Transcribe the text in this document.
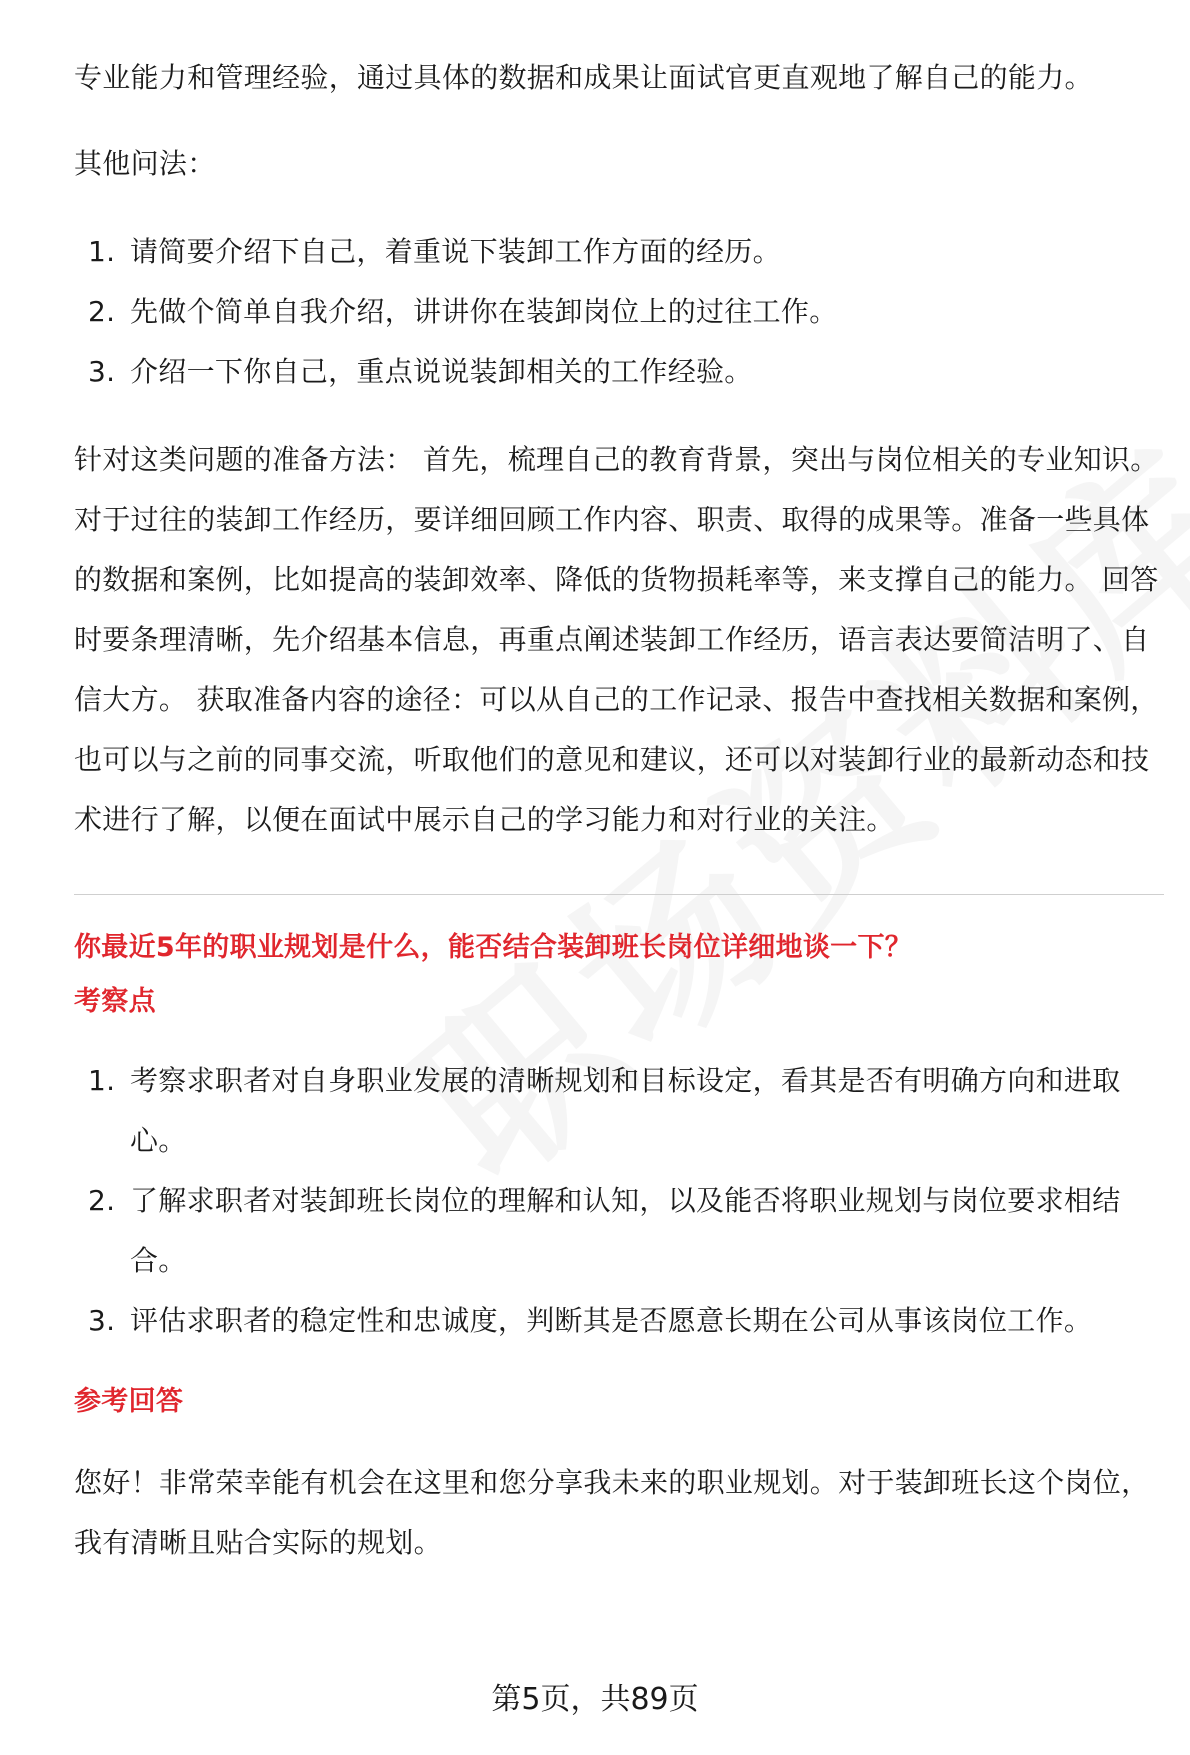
专业能力和管理经验，通过具体的数据和成果让面试官更直观地了解自己的能力。

其他问法：

1. 请简要介绍下自己，着重说下装卸工作方面的经历。
2. 先做个简单自我介绍，讲讲你在装卸岗位上的过往工作。
3. 介绍一下你自己，重点说说装卸相关的工作经验。

针对这类问题的准备方法： 首先，梳理自己的教育背景，突出与岗位相关的专业知识。对于过往的装卸工作经历，要详细回顾工作内容、职责、取得的成果等。准备一些具体的数据和案例，比如提高的装卸效率、降低的货物损耗率等，来支撑自己的能力。 回答时要条理清晰，先介绍基本信息，再重点阐述装卸工作经历，语言表达要简洁明了、自信大方。 获取准备内容的途径：可以从自己的工作记录、报告中查找相关数据和案例，也可以与之前的同事交流，听取他们的意见和建议，还可以对装卸行业的最新动态和技术进行了解，以便在面试中展示自己的学习能力和对行业的关注。

你最近5年的职业规划是什么，能否结合装卸班长岗位详细地谈一下？

考察点

1. 考察求职者对自身职业发展的清晰规划和目标设定，看其是否有明确方向和进取心。
2. 了解求职者对装卸班长岗位的理解和认知，以及能否将职业规划与岗位要求相结合。
3. 评估求职者的稳定性和忠诚度，判断其是否愿意长期在公司从事该岗位工作。

参考回答

您好！非常荣幸能有机会在这里和您分享我未来的职业规划。对于装卸班长这个岗位，我有清晰且贴合实际的规划。

第5页，共89页
